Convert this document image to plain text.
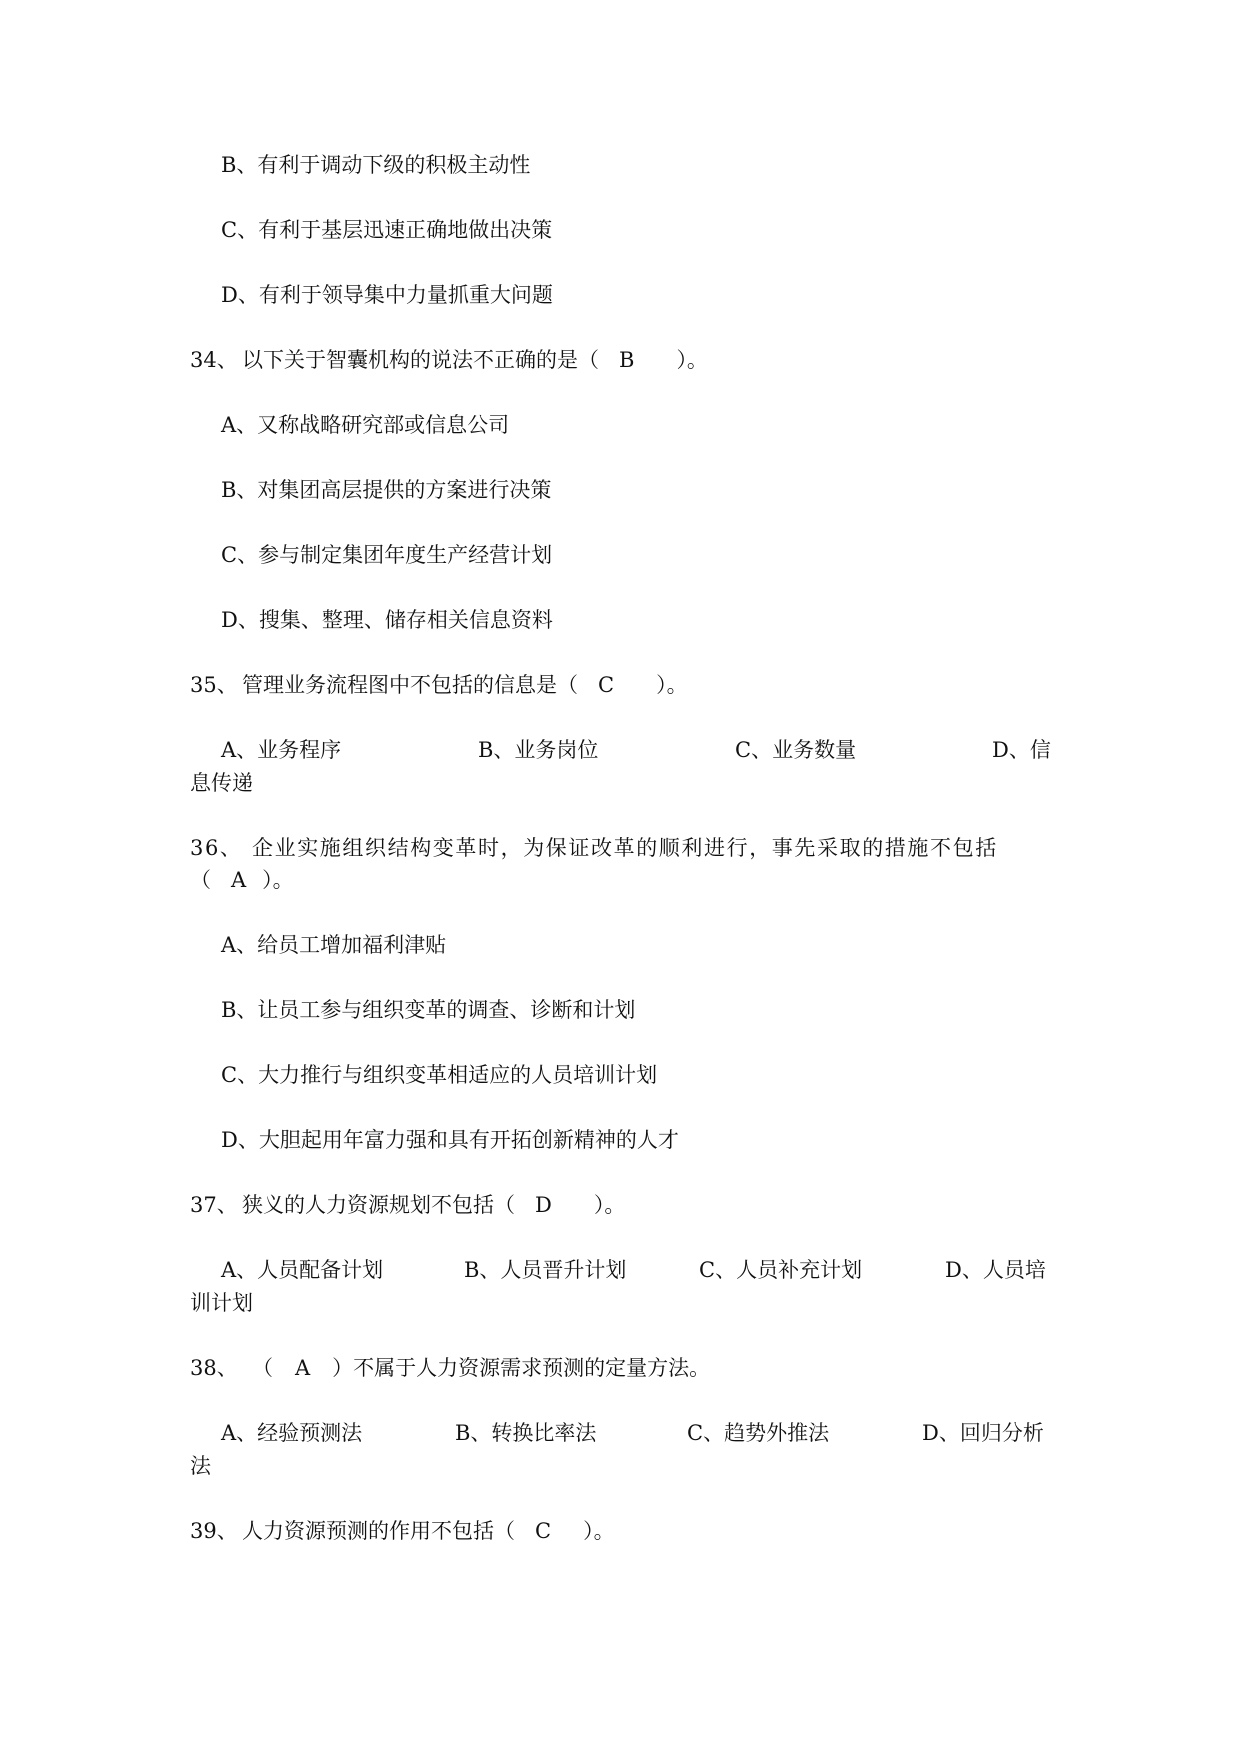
B、有利于调动下级的积极主动性
C、有利于基层迅速正确地做出决策
D、有利于领导集中力量抓重大问题
34、 以下关于智囊机构的说法不正确的是（ B ）。
A、又称战略研究部或信息公司
B、对集团高层提供的方案进行决策
C、参与制定集团年度生产经营计划
D、搜集、整理、储存相关信息资料
35、 管理业务流程图中不包括的信息是（ C ）。
A、业务程序	B、业务岗位	C、业务数量	D、信
息传递
36、 企业实施组织结构变革时，为保证改革的顺利进行，事先采取的措施不包括
（ A ）。
A、给员工增加福利津贴
B、让员工参与组织变革的调查、诊断和计划
C、大力推行与组织变革相适应的人员培训计划
D、大胆起用年富力强和具有开拓创新精神的人才
37、 狭义的人力资源规划不包括（ D ）。
A、人员配备计划	B、人员晋升计划	C、人员补充计划	D、人员培
训计划
38、 （ A ）不属于人力资源需求预测的定量方法。
A、经验预测法	B、转换比率法	C、趋势外推法	D、回归分析
法
39、 人力资源预测的作用不包括（ C ）。
